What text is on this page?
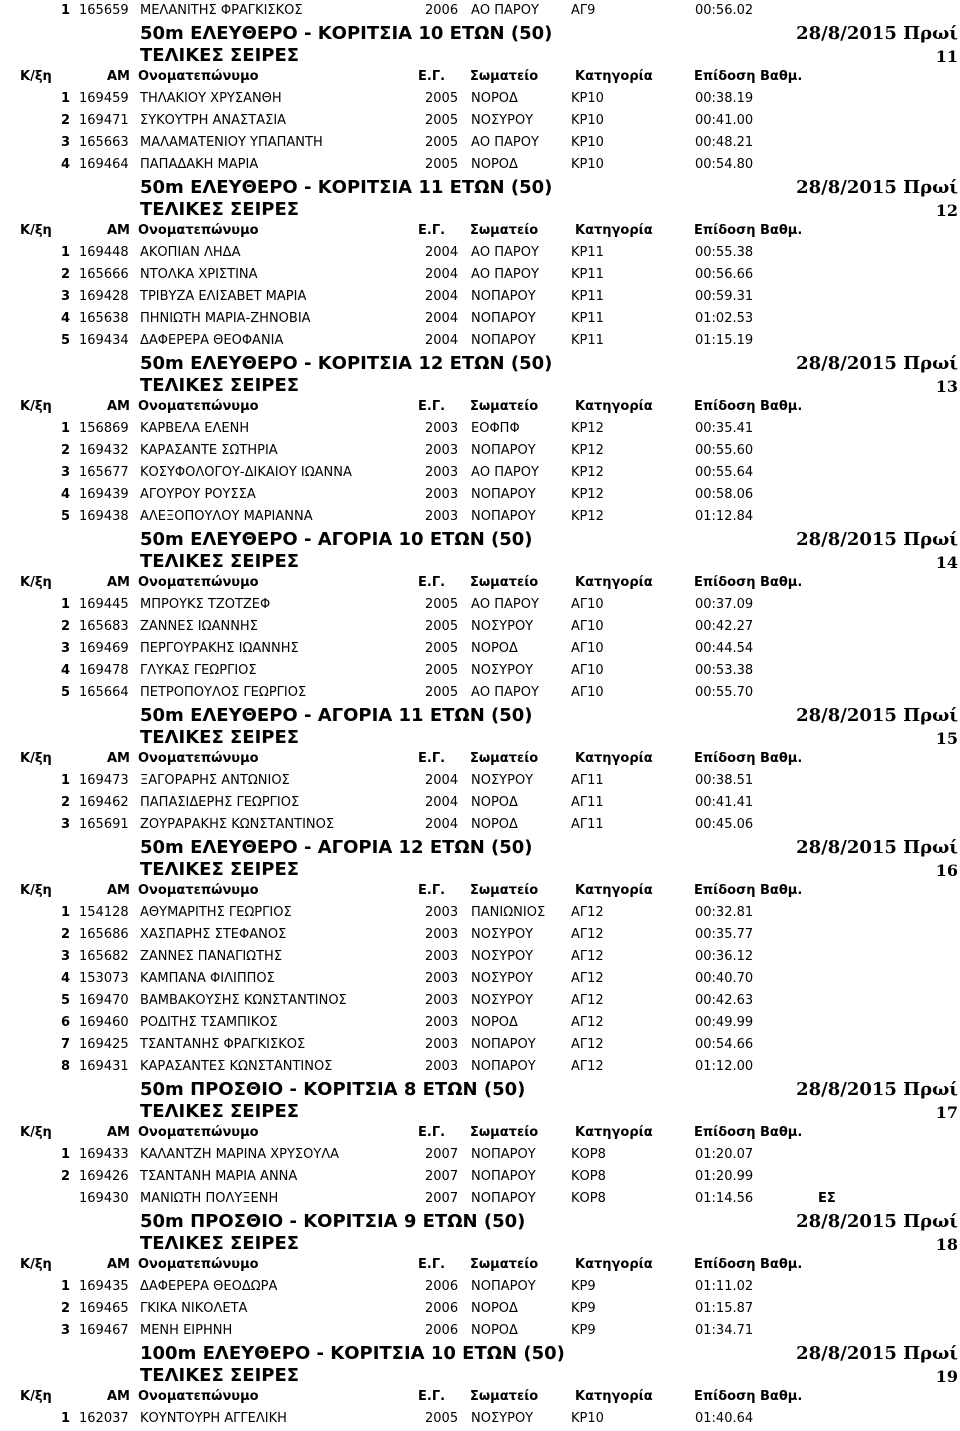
1 165659 ΜΕΛΑΝΙΤΗΣ ΦΡΑΓΚΙΣΚΟΣ	2006 ΑΟ ΠΑΡΟΥ ΑΓ9	00:56.02
50m ΕΛΕΥΘΕΡΟ - ΚΟΡΙΤΣΙΑ 10 ΕΤΩΝ (50)	28/8/2015 Πρωί
ΤΕΛΙΚΕΣ ΣΕΙΡΕΣ	11
Κ/ξη	ΑΜ Ονοματεπώνυμο	Ε.Γ. Σωματείο	Κατηγορία	Επίδοση Βαθμ.
1 169459 ΤΗΛΑΚΙΟΥ ΧΡΥΣΑΝΘΗ	2005 ΝΟΡΟΔ	ΚΡ10	00:38.19
2 169471 ΣΥΚΟΥΤΡΗ ΑΝΑΣΤΑΣΙΑ	2005 ΝΟΣΥΡΟΥ	ΚΡ10	00:41.00
3 165663 ΜΑΛΑΜΑΤΕΝΙΟΥ ΥΠΑΠΑΝΤΗ	2005 ΑΟ ΠΑΡΟΥ ΚΡ10	00:48.21
4 169464 ΠΑΠΑΔΑΚΗ ΜΑΡΙΑ	2005 ΝΟΡΟΔ	ΚΡ10	00:54.80
50m ΕΛΕΥΘΕΡΟ - ΚΟΡΙΤΣΙΑ 11 ΕΤΩΝ (50)	28/8/2015 Πρωί
ΤΕΛΙΚΕΣ ΣΕΙΡΕΣ	12
Κ/ξη	ΑΜ Ονοματεπώνυμο	Ε.Γ. Σωματείο	Κατηγορία	Επίδοση Βαθμ.
1 169448 ΑΚΟΠΙΑΝ ΛΗΔΑ	2004 ΑΟ ΠΑΡΟΥ ΚΡ11	00:55.38
2 165666 ΝΤΟΛΚΑ ΧΡΙΣΤΙΝΑ	2004 ΑΟ ΠΑΡΟΥ ΚΡ11	00:56.66
3 169428 ΤΡΙΒΥΖΑ ΕΛΙΣΑΒΕΤ ΜΑΡΙΑ	2004 ΝΟΠΑΡΟΥ	ΚΡ11	00:59.31
4 165638 ΠΗΝΙΩΤΗ ΜΑΡΙΑ-ΖΗΝΟΒΙΑ	2004 ΝΟΠΑΡΟΥ	ΚΡ11	01:02.53
5 169434 ΔΑΦΕΡΕΡΑ ΘΕΟΦΑΝΙΑ	2004 ΝΟΠΑΡΟΥ	ΚΡ11	01:15.19
50m ΕΛΕΥΘΕΡΟ - ΚΟΡΙΤΣΙΑ 12 ΕΤΩΝ (50)	28/8/2015 Πρωί
ΤΕΛΙΚΕΣ ΣΕΙΡΕΣ	13
Κ/ξη	ΑΜ Ονοματεπώνυμο	Ε.Γ. Σωματείο	Κατηγορία	Επίδοση Βαθμ.
1 156869 ΚΑΡΒΕΛΑ ΕΛΕΝΗ	2003 ΕΟΦΠΦ	ΚΡ12	00:35.41
2 169432 ΚΑΡΑΣΑΝΤΕ ΣΩΤΗΡΙΑ	2003 ΝΟΠΑΡΟΥ	ΚΡ12	00:55.60
3 165677 ΚΟΣΥΦΟΛΟΓΟΥ-ΔΙΚΑΙΟΥ ΙΩΑΝΝΑ	2003 ΑΟ ΠΑΡΟΥ ΚΡ12	00:55.64
4 169439 ΑΓΟΥΡΟΥ ΡΟΥΣΣΑ	2003 ΝΟΠΑΡΟΥ	ΚΡ12	00:58.06
5 169438 ΑΛΕΞΟΠΟΥΛΟΥ ΜΑΡΙΑΝΝΑ	2003 ΝΟΠΑΡΟΥ	ΚΡ12	01:12.84
50m ΕΛΕΥΘΕΡΟ - ΑΓΟΡΙΑ 10 ΕΤΩΝ (50)	28/8/2015 Πρωί
ΤΕΛΙΚΕΣ ΣΕΙΡΕΣ	14
Κ/ξη	ΑΜ Ονοματεπώνυμο	Ε.Γ. Σωματείο	Κατηγορία	Επίδοση Βαθμ.
1 169445 ΜΠΡΟΥΚΣ ΤΖΟΤΖΕΦ	2005 ΑΟ ΠΑΡΟΥ ΑΓ10	00:37.09
2 165683 ΖΑΝΝΕΣ ΙΩΑΝΝΗΣ	2005 ΝΟΣΥΡΟΥ	ΑΓ10	00:42.27
3 169469 ΠΕΡΓΟΥΡΑΚΗΣ ΙΩΑΝΝΗΣ	2005 ΝΟΡΟΔ	ΑΓ10	00:44.54
4 169478 ΓΛΥΚΑΣ ΓΕΩΡΓΙΟΣ	2005 ΝΟΣΥΡΟΥ	ΑΓ10	00:53.38
5 165664 ΠΕΤΡΟΠΟΥΛΟΣ ΓΕΩΡΓΙΟΣ	2005 ΑΟ ΠΑΡΟΥ ΑΓ10	00:55.70
50m ΕΛΕΥΘΕΡΟ - ΑΓΟΡΙΑ 11 ΕΤΩΝ (50)	28/8/2015 Πρωί
ΤΕΛΙΚΕΣ ΣΕΙΡΕΣ	15
Κ/ξη	ΑΜ Ονοματεπώνυμο	Ε.Γ. Σωματείο	Κατηγορία	Επίδοση Βαθμ.
1 169473 ΞΑΓΟΡΑΡΗΣ ΑΝΤΩΝΙΟΣ	2004 ΝΟΣΥΡΟΥ	ΑΓ11	00:38.51
2 169462 ΠΑΠΑΣΙΔΕΡΗΣ ΓΕΩΡΓΙΟΣ	2004 ΝΟΡΟΔ	ΑΓ11	00:41.41
3 165691 ΖΟΥΡΑΡΑΚΗΣ ΚΩΝΣΤΑΝΤΙΝΟΣ	2004 ΝΟΡΟΔ	ΑΓ11	00:45.06
50m ΕΛΕΥΘΕΡΟ - ΑΓΟΡΙΑ 12 ΕΤΩΝ (50)	28/8/2015 Πρωί
ΤΕΛΙΚΕΣ ΣΕΙΡΕΣ	16
Κ/ξη	ΑΜ Ονοματεπώνυμο	Ε.Γ. Σωματείο	Κατηγορία	Επίδοση Βαθμ.
1 154128 ΑΘΥΜΑΡΙΤΗΣ ΓΕΩΡΓΙΟΣ	2003 ΠΑΝΙΩΝΙΟΣ ΑΓ12	00:32.81
2 165686 ΧΑΣΠΑΡΗΣ ΣΤΕΦΑΝΟΣ	2003 ΝΟΣΥΡΟΥ	ΑΓ12	00:35.77
3 165682 ΖΑΝΝΕΣ ΠΑΝΑΓΙΩΤΗΣ	2003 ΝΟΣΥΡΟΥ	ΑΓ12	00:36.12
4 153073 ΚΑΜΠΑΝΑ ΦΙΛΙΠΠΟΣ	2003 ΝΟΣΥΡΟΥ	ΑΓ12	00:40.70
5 169470 ΒΑΜΒΑΚΟΥΣΗΣ ΚΩΝΣΤΑΝΤΙΝΟΣ	2003 ΝΟΣΥΡΟΥ	ΑΓ12	00:42.63
6 169460 ΡΟΔΙΤΗΣ ΤΣΑΜΠΙΚΟΣ	2003 ΝΟΡΟΔ	ΑΓ12	00:49.99
7 169425 ΤΣΑΝΤΑΝΗΣ ΦΡΑΓΚΙΣΚΟΣ	2003 ΝΟΠΑΡΟΥ	ΑΓ12	00:54.66
8 169431 ΚΑΡΑΣΑΝΤΕΣ ΚΩΝΣΤΑΝΤΙΝΟΣ	2003 ΝΟΠΑΡΟΥ	ΑΓ12	01:12.00
50m ΠΡΟΣΘΙΟ - ΚΟΡΙΤΣΙΑ 8 ΕΤΩΝ (50)	28/8/2015 Πρωί
ΤΕΛΙΚΕΣ ΣΕΙΡΕΣ	17
Κ/ξη	ΑΜ Ονοματεπώνυμο	Ε.Γ. Σωματείο	Κατηγορία	Επίδοση Βαθμ.
1 169433 ΚΑΛΑΝΤΖΗ ΜΑΡΙΝΑ ΧΡΥΣΟΥΛΑ	2007 ΝΟΠΑΡΟΥ	ΚΟΡ8	01:20.07
2 169426 ΤΣΑΝΤΑΝΗ ΜΑΡΙΑ ΑΝΝΑ	2007 ΝΟΠΑΡΟΥ	ΚΟΡ8	01:20.99
169430 ΜΑΝΙΩΤΗ ΠΟΛΥΞΕΝΗ	2007 ΝΟΠΑΡΟΥ	ΚΟΡ8	01:14.56	ΕΣ
50m ΠΡΟΣΘΙΟ - ΚΟΡΙΤΣΙΑ 9 ΕΤΩΝ (50)	28/8/2015 Πρωί
ΤΕΛΙΚΕΣ ΣΕΙΡΕΣ	18
Κ/ξη	ΑΜ Ονοματεπώνυμο	Ε.Γ. Σωματείο	Κατηγορία	Επίδοση Βαθμ.
1 169435 ΔΑΦΕΡΕΡΑ ΘΕΟΔΩΡΑ	2006 ΝΟΠΑΡΟΥ	ΚΡ9	01:11.02
2 169465 ΓΚΙΚΑ ΝΙΚΟΛΕΤΑ	2006 ΝΟΡΟΔ	ΚΡ9	01:15.87
3 169467 ΜΕΝΗ ΕΙΡΗΝΗ	2006 ΝΟΡΟΔ	ΚΡ9	01:34.71
100m ΕΛΕΥΘΕΡΟ - ΚΟΡΙΤΣΙΑ 10 ΕΤΩΝ (50)	28/8/2015 Πρωί
ΤΕΛΙΚΕΣ ΣΕΙΡΕΣ	19
Κ/ξη	ΑΜ Ονοματεπώνυμο	Ε.Γ. Σωματείο	Κατηγορία	Επίδοση Βαθμ.
1 162037 ΚΟΥΝΤΟΥΡΗ ΑΓΓΕΛΙΚΗ	2005 ΝΟΣΥΡΟΥ	ΚΡ10	01:40.64
